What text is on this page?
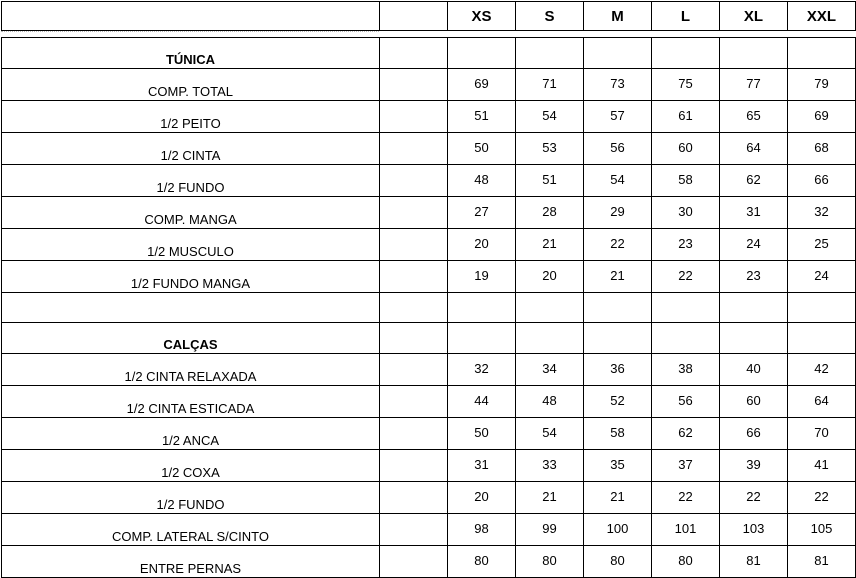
		XS	S	M	L	XL	XXL

TÚNICA							
COMP. TOTAL		69	71	73	75	77	79
1/2 PEITO		51	54	57	61	65	69
1/2 CINTA		50	53	56	60	64	68
1/2 FUNDO		48	51	54	58	62	66
COMP. MANGA		27	28	29	30	31	32
1/2 MUSCULO		20	21	22	23	24	25
1/2 FUNDO MANGA		19	20	21	22	23	24

CALÇAS							
1/2 CINTA RELAXADA		32	34	36	38	40	42
1/2 CINTA ESTICADA		44	48	52	56	60	64
1/2 ANCA		50	54	58	62	66	70
1/2 COXA		31	33	35	37	39	41
1/2 FUNDO		20	21	21	22	22	22
COMP. LATERAL S/CINTO		98	99	100	101	103	105
ENTRE PERNAS		80	80	80	80	81	81
